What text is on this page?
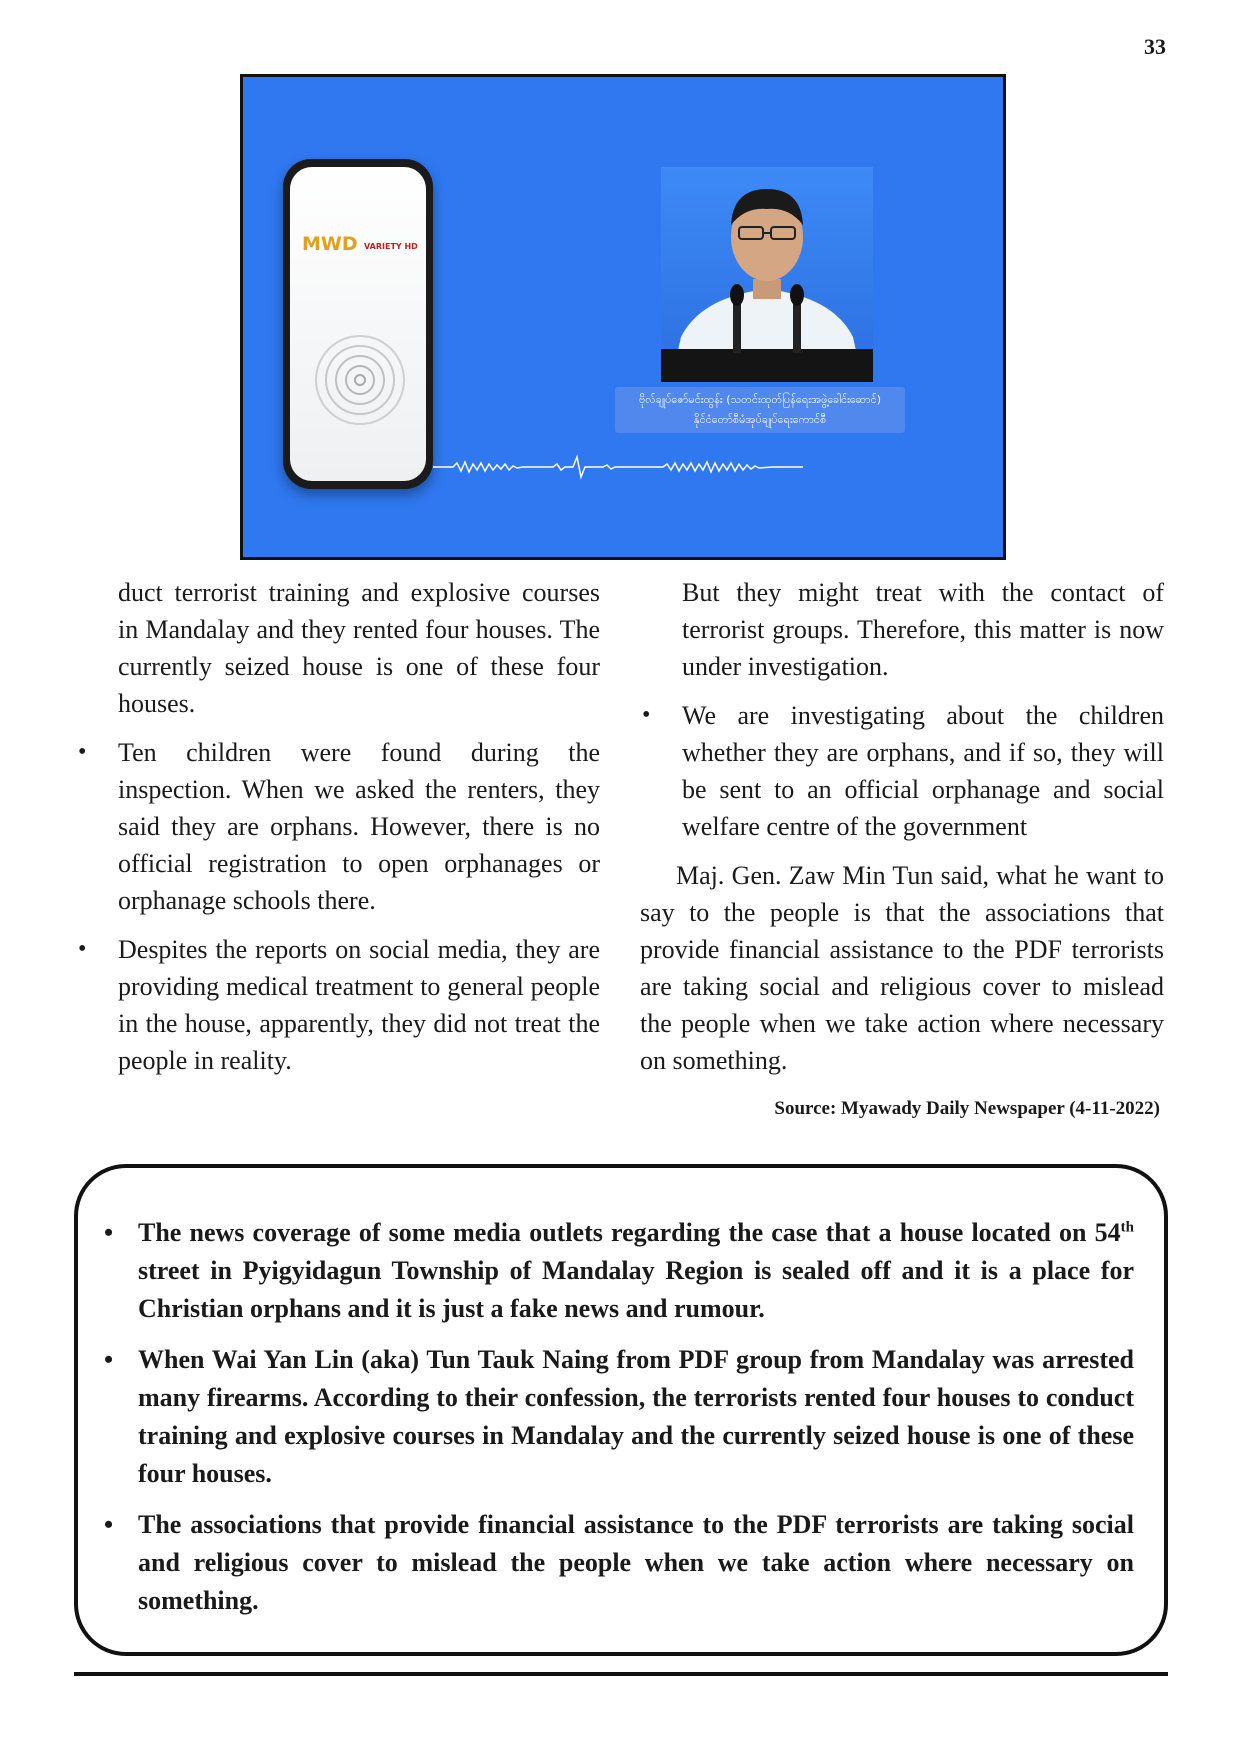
33
MWD VARIETY HD
ဗိုလ်ချုပ်ဇော်မင်းထွန်း (သတင်းထုတ်ပြန်ရေးအဖွဲ့ခေါင်းဆောင်)
နိုင်ငံတော်စီမံအုပ်ချုပ်ရေးကောင်စီ

duct terrorist training and explosive courses in Mandalay and they rented four houses. The currently seized house is one of these four houses.

• Ten children were found during the inspection. When we asked the renters, they said they are orphans. However, there is no official registration to open orphanages or orphanage schools there.

• Despites the reports on social media, they are providing medical treatment to general people in the house, apparently, they did not treat the people in reality.

But they might treat with the contact of terrorist groups. Therefore, this matter is now under investigation.

• We are investigating about the children whether they are orphans, and if so, they will be sent to an official orphanage and social welfare centre of the government

Maj. Gen. Zaw Min Tun said, what he want to say to the people is that the associations that provide financial assistance to the PDF terrorists are taking social and religious cover to mislead the people when we take action where necessary on something.

Source: Myawady Daily Newspaper (4-11-2022)
• The news coverage of some media outlets regarding the case that a house located on 54th street in Pyigyidagun Township of Mandalay Region is sealed off and it is a place for Christian orphans and it is just a fake news and rumour.
• When Wai Yan Lin (aka) Tun Tauk Naing from PDF group from Mandalay was arrested many firearms. According to their confession, the terrorists rented four houses to conduct training and explosive courses in Mandalay and the currently seized house is one of these four houses.
• The associations that provide financial assistance to the PDF terrorists are taking social and religious cover to mislead the people when we take action where necessary on something.
